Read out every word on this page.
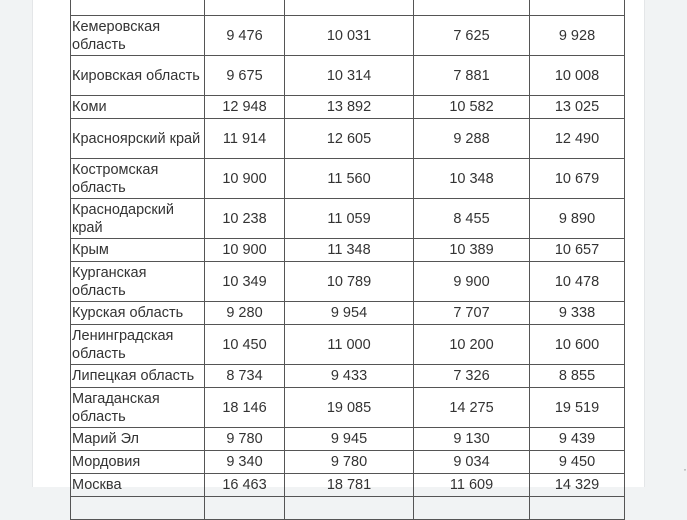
Кемеровская область	9 476	10 031	7 625	9 928
Кировская область	9 675	10 314	7 881	10 008
Коми	12 948	13 892	10 582	13 025
Красноярский край	11 914	12 605	9 288	12 490
Костромская область	10 900	11 560	10 348	10 679
Краснодарский край	10 238	11 059	8 455	9 890
Крым	10 900	11 348	10 389	10 657
Курганская область	10 349	10 789	9 900	10 478
Курская область	9 280	9 954	7 707	9 338
Ленинградская область	10 450	11 000	10 200	10 600
Липецкая область	8 734	9 433	7 326	8 855
Магаданская область	18 146	19 085	14 275	19 519
Марий Эл	9 780	9 945	9 130	9 439
Мордовия	9 340	9 780	9 034	9 450
Москва	16 463	18 781	11 609	14 329

·
